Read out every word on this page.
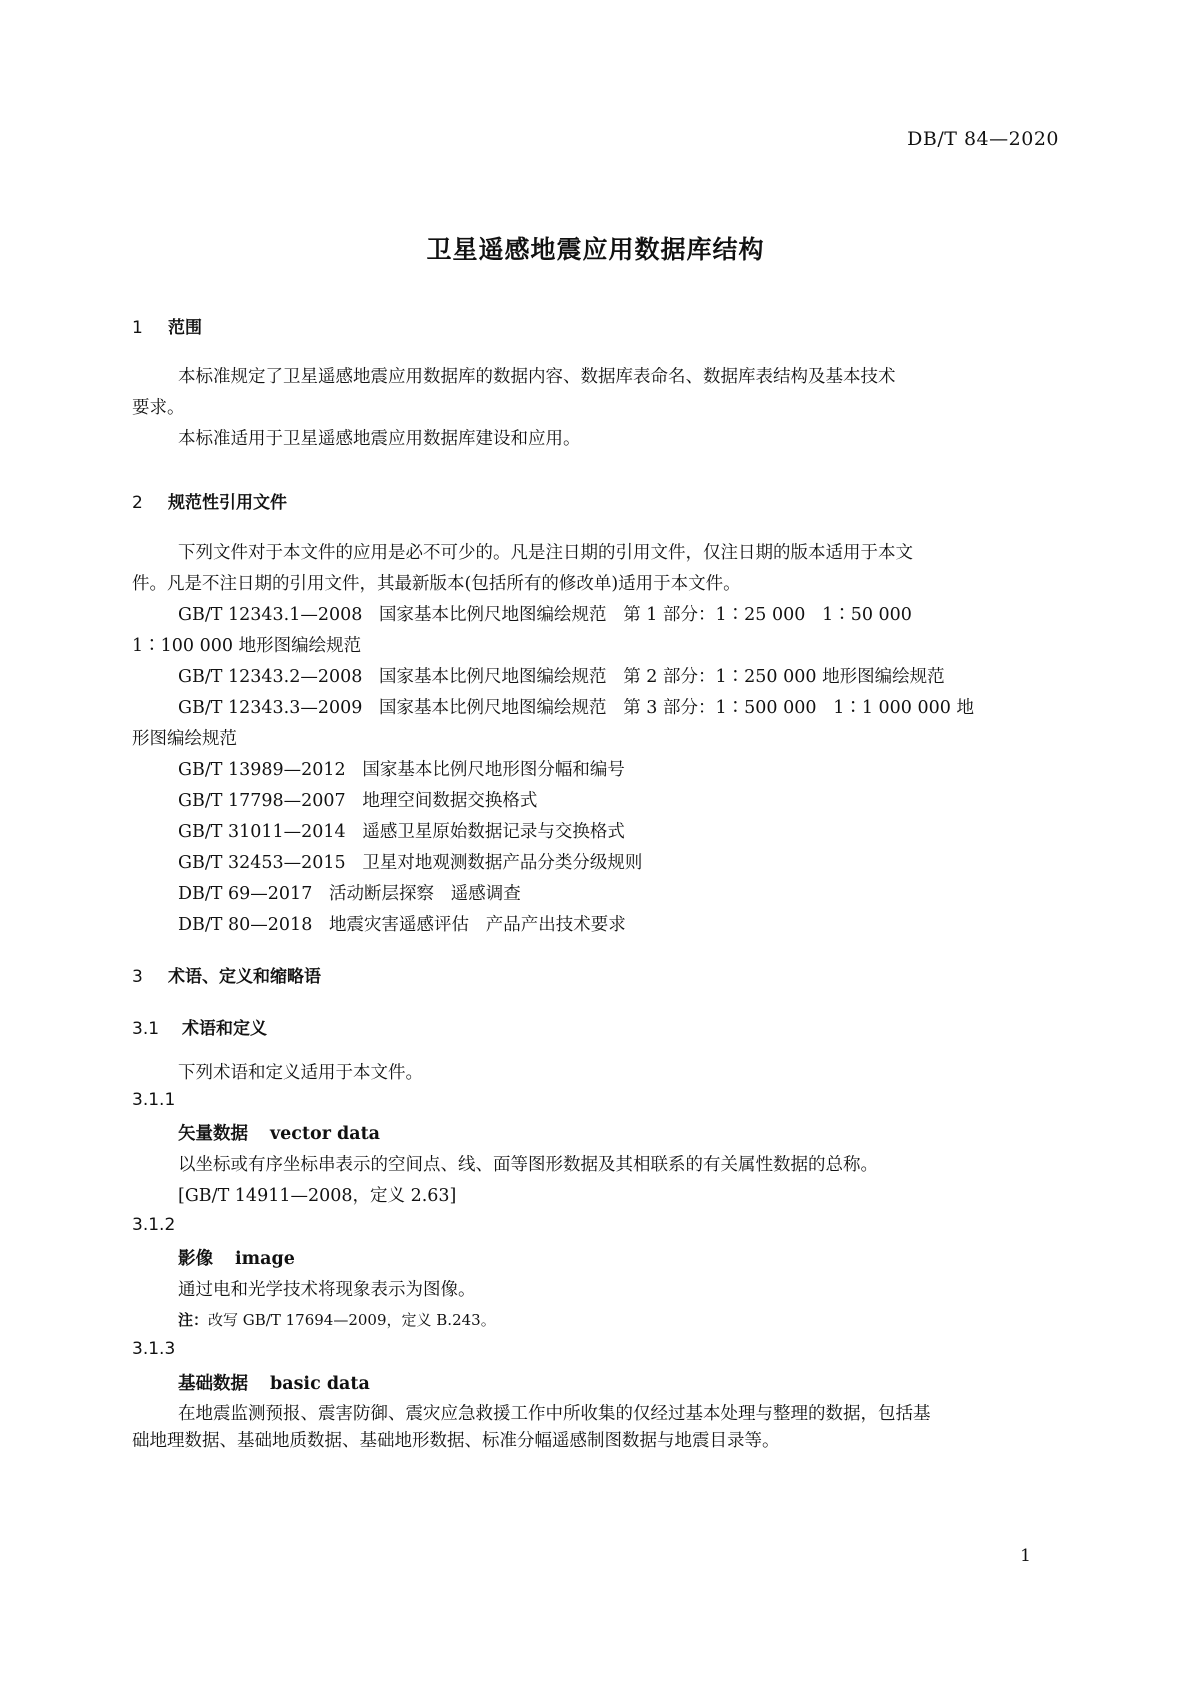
DB/T 84—2020
卫星遥感地震应用数据库结构
1 范围
本标准规定了卫星遥感地震应用数据库的数据内容、数据库表命名、数据库表结构及基本技术
要求。
本标准适用于卫星遥感地震应用数据库建设和应用。
2 规范性引用文件
下列文件对于本文件的应用是必不可少的。凡是注日期的引用文件，仅注日期的版本适用于本文
件。凡是不注日期的引用文件，其最新版本(包括所有的修改单)适用于本文件。
GB/T 12343.1—2008   国家基本比例尺地图编绘规范   第 1 部分：1∶25 000   1∶50 000
1∶100 000 地形图编绘规范
GB/T 12343.2—2008   国家基本比例尺地图编绘规范   第 2 部分：1∶250 000 地形图编绘规范
GB/T 12343.3—2009   国家基本比例尺地图编绘规范   第 3 部分：1∶500 000   1∶1 000 000 地
形图编绘规范
GB/T 13989—2012   国家基本比例尺地形图分幅和编号
GB/T 17798—2007   地理空间数据交换格式
GB/T 31011—2014   遥感卫星原始数据记录与交换格式
GB/T 32453—2015   卫星对地观测数据产品分类分级规则
DB/T 69—2017   活动断层探察   遥感调查
DB/T 80—2018   地震灾害遥感评估   产品产出技术要求
3 术语、定义和缩略语
3.1 术语和定义
下列术语和定义适用于本文件。
3.1.1
矢量数据 vector data
以坐标或有序坐标串表示的空间点、线、面等图形数据及其相联系的有关属性数据的总称。
[GB/T 14911—2008，定义 2.63]
3.1.2
影像 image
通过电和光学技术将现象表示为图像。
注：改写 GB/T 17694—2009，定义 B.243。
3.1.3
基础数据 basic data
在地震监测预报、震害防御、震灾应急救援工作中所收集的仅经过基本处理与整理的数据，包括基
础地理数据、基础地质数据、基础地形数据、标准分幅遥感制图数据与地震目录等。
1
